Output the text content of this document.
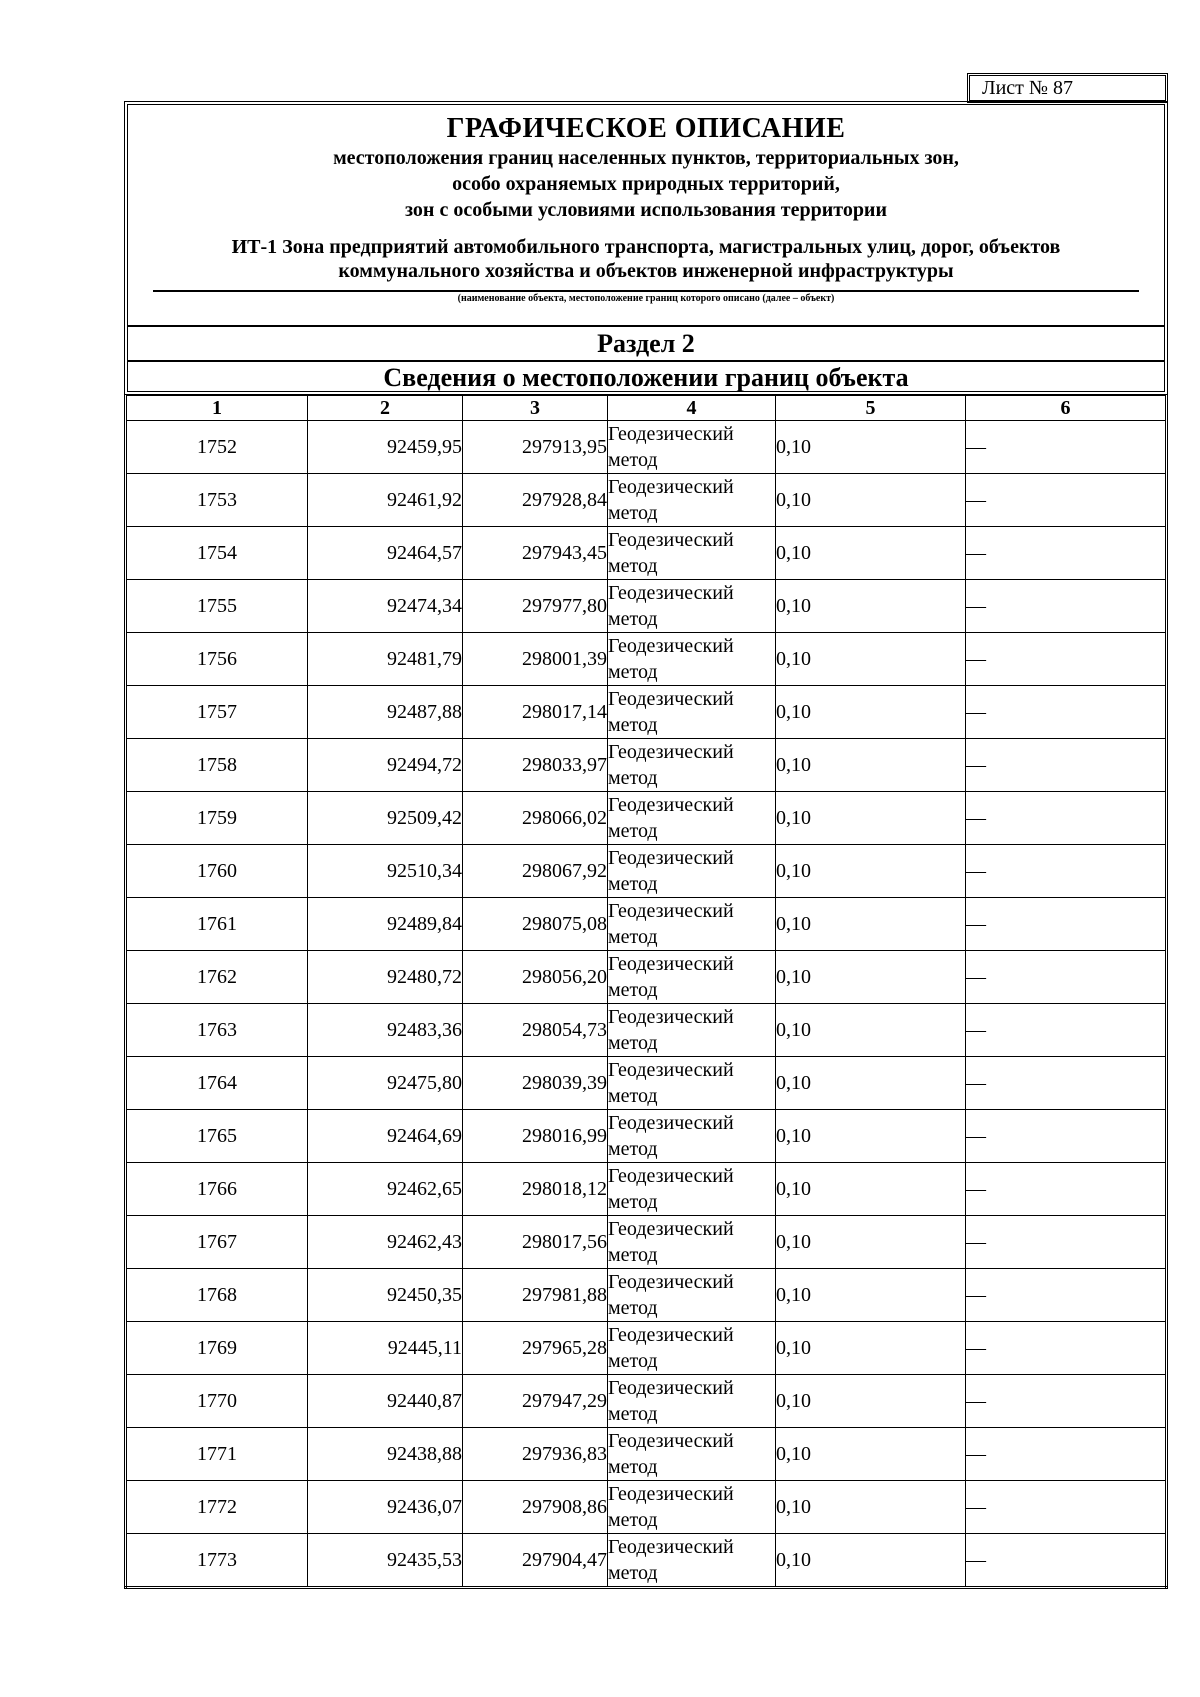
Лист № 87
ГРАФИЧЕСКОЕ ОПИСАНИЕ
местоположения границ населенных пунктов, территориальных зон,
особо охраняемых природных территорий,
зон с особыми условиями использования территории
ИТ-1 Зона предприятий автомобильного транспорта, магистральных улиц, дорог, объектов
коммунального хозяйства и объектов инженерной инфраструктуры
(наименование объекта, местоположение границ которого описано (далее – объект)
Раздел 2
Сведения о местоположении границ объекта
1	2	3	4	5	6
1752	92459,95	297913,95	Геодезический метод	0,10	—
1753	92461,92	297928,84	Геодезический метод	0,10	—
1754	92464,57	297943,45	Геодезический метод	0,10	—
1755	92474,34	297977,80	Геодезический метод	0,10	—
1756	92481,79	298001,39	Геодезический метод	0,10	—
1757	92487,88	298017,14	Геодезический метод	0,10	—
1758	92494,72	298033,97	Геодезический метод	0,10	—
1759	92509,42	298066,02	Геодезический метод	0,10	—
1760	92510,34	298067,92	Геодезический метод	0,10	—
1761	92489,84	298075,08	Геодезический метод	0,10	—
1762	92480,72	298056,20	Геодезический метод	0,10	—
1763	92483,36	298054,73	Геодезический метод	0,10	—
1764	92475,80	298039,39	Геодезический метод	0,10	—
1765	92464,69	298016,99	Геодезический метод	0,10	—
1766	92462,65	298018,12	Геодезический метод	0,10	—
1767	92462,43	298017,56	Геодезический метод	0,10	—
1768	92450,35	297981,88	Геодезический метод	0,10	—
1769	92445,11	297965,28	Геодезический метод	0,10	—
1770	92440,87	297947,29	Геодезический метод	0,10	—
1771	92438,88	297936,83	Геодезический метод	0,10	—
1772	92436,07	297908,86	Геодезический метод	0,10	—
1773	92435,53	297904,47	Геодезический метод	0,10	—
